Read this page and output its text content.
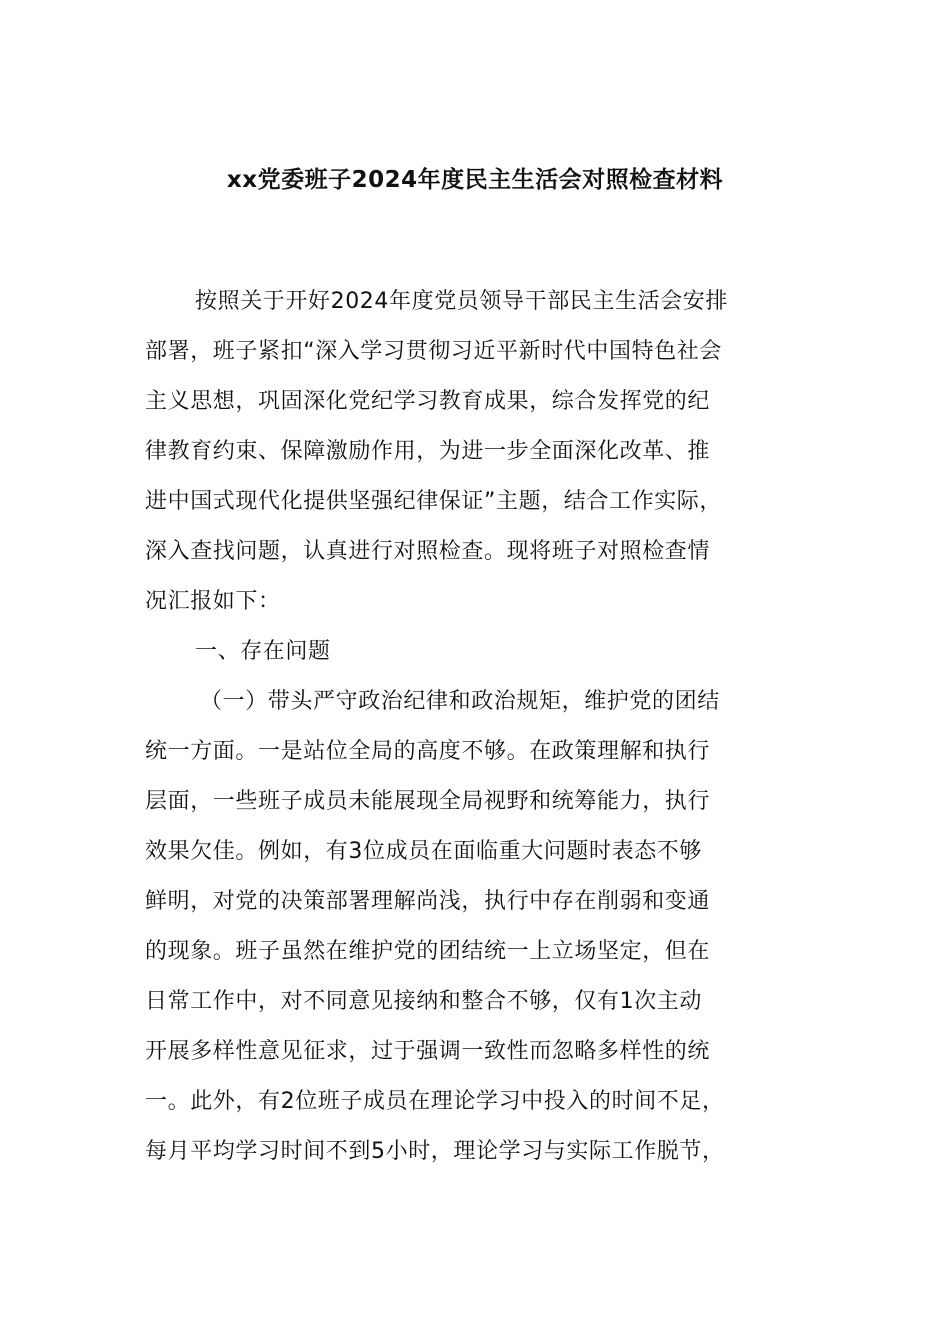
xx党委班子2024年度民主生活会对照检查材料
按照关于开好2024年度党员领导干部民主生活会安排
部署，班子紧扣“深入学习贯彻习近平新时代中国特色社会
主义思想，巩固深化党纪学习教育成果，综合发挥党的纪
律教育约束、保障激励作用，为进一步全面深化改革、推
进中国式现代化提供坚强纪律保证”主题，结合工作实际，
深入查找问题，认真进行对照检查。现将班子对照检查情
况汇报如下：
一、存在问题
（一）带头严守政治纪律和政治规矩，维护党的团结
统一方面。一是站位全局的高度不够。在政策理解和执行
层面，一些班子成员未能展现全局视野和统筹能力，执行
效果欠佳。例如，有3位成员在面临重大问题时表态不够
鲜明，对党的决策部署理解尚浅，执行中存在削弱和变通
的现象。班子虽然在维护党的团结统一上立场坚定，但在
日常工作中，对不同意见接纳和整合不够，仅有1次主动
开展多样性意见征求，过于强调一致性而忽略多样性的统
一。此外，有2位班子成员在理论学习中投入的时间不足，
每月平均学习时间不到5小时，理论学习与实际工作脱节，
